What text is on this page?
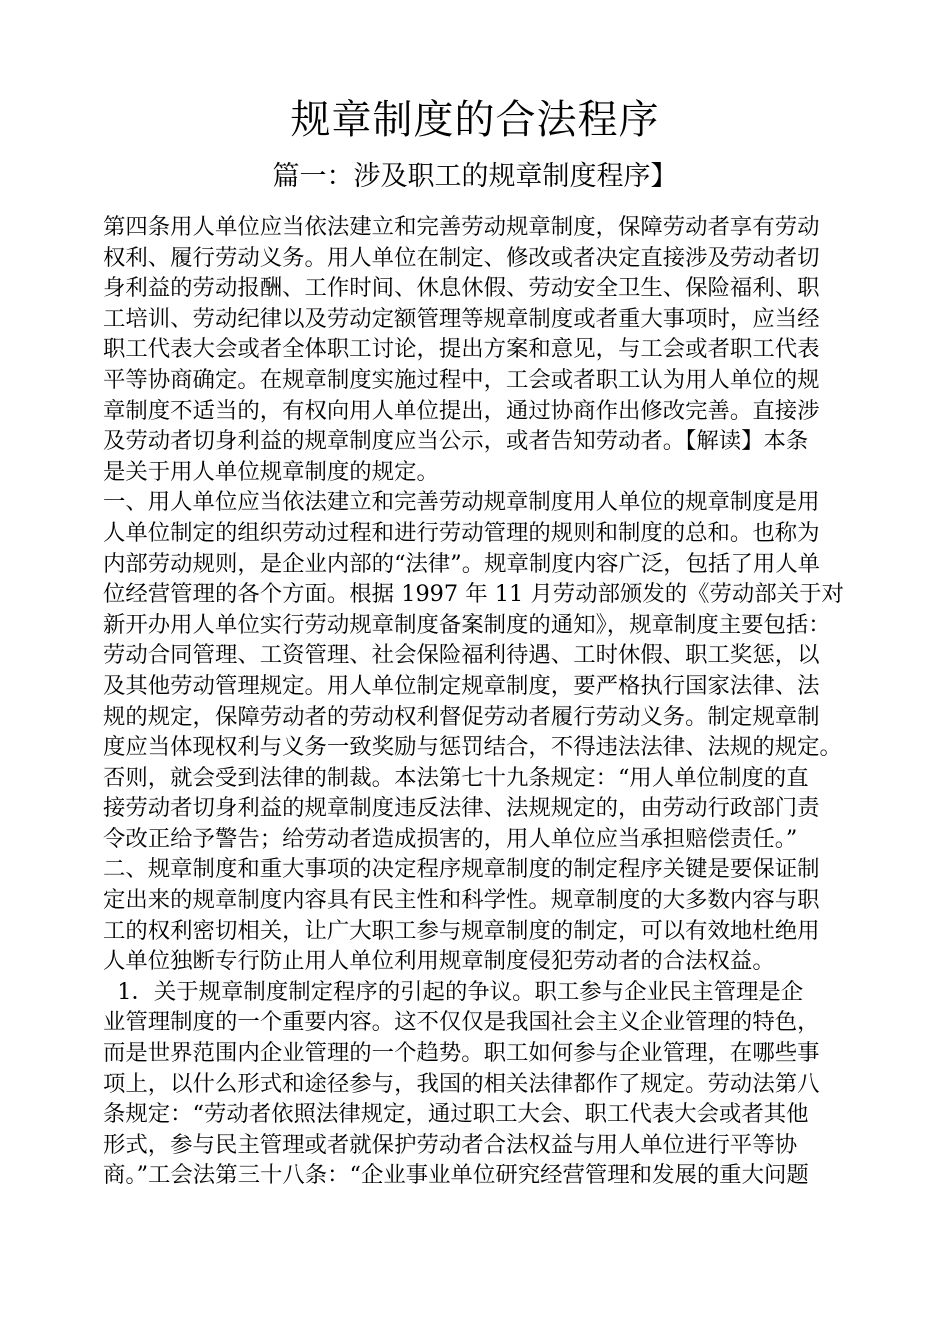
规章制度的合法程序
篇一：涉及职工的规章制度程序】
第四条用人单位应当依法建立和完善劳动规章制度，保障劳动者享有劳动
权利、履行劳动义务。用人单位在制定、修改或者决定直接涉及劳动者切
身利益的劳动报酬、工作时间、休息休假、劳动安全卫生、保险福利、职
工培训、劳动纪律以及劳动定额管理等规章制度或者重大事项时，应当经
职工代表大会或者全体职工讨论，提出方案和意见，与工会或者职工代表
平等协商确定。在规章制度实施过程中，工会或者职工认为用人单位的规
章制度不适当的，有权向用人单位提出，通过协商作出修改完善。直接涉
及劳动者切身利益的规章制度应当公示，或者告知劳动者。【解读】本条
是关于用人单位规章制度的规定。
一、用人单位应当依法建立和完善劳动规章制度用人单位的规章制度是用
人单位制定的组织劳动过程和进行劳动管理的规则和制度的总和。也称为
内部劳动规则，是企业内部的“法律”。规章制度内容广泛，包括了用人单
位经营管理的各个方面。根据 1997 年 11 月劳动部颁发的《劳动部关于对
新开办用人单位实行劳动规章制度备案制度的通知》，规章制度主要包括：
劳动合同管理、工资管理、社会保险福利待遇、工时休假、职工奖惩，以
及其他劳动管理规定。用人单位制定规章制度，要严格执行国家法律、法
规的规定，保障劳动者的劳动权利督促劳动者履行劳动义务。制定规章制
度应当体现权利与义务一致奖励与惩罚结合，不得违法法律、法规的规定。
否则，就会受到法律的制裁。本法第七十九条规定：“用人单位制度的直
接劳动者切身利益的规章制度违反法律、法规规定的，由劳动行政部门责
令改正给予警告；给劳动者造成损害的，用人单位应当承担赔偿责任。”
二、规章制度和重大事项的决定程序规章制度的制定程序关键是要保证制
定出来的规章制度内容具有民主性和科学性。规章制度的大多数内容与职
工的权利密切相关，让广大职工参与规章制度的制定，可以有效地杜绝用
人单位独断专行防止用人单位利用规章制度侵犯劳动者的合法权益。
1．关于规章制度制定程序的引起的争议。职工参与企业民主管理是企
业管理制度的一个重要内容。这不仅仅是我国社会主义企业管理的特色，
而是世界范围内企业管理的一个趋势。职工如何参与企业管理，在哪些事
项上，以什么形式和途径参与，我国的相关法律都作了规定。劳动法第八
条规定：“劳动者依照法律规定，通过职工大会、职工代表大会或者其他
形式，参与民主管理或者就保护劳动者合法权益与用人单位进行平等协
商。”工会法第三十八条：“企业事业单位研究经营管理和发展的重大问题
